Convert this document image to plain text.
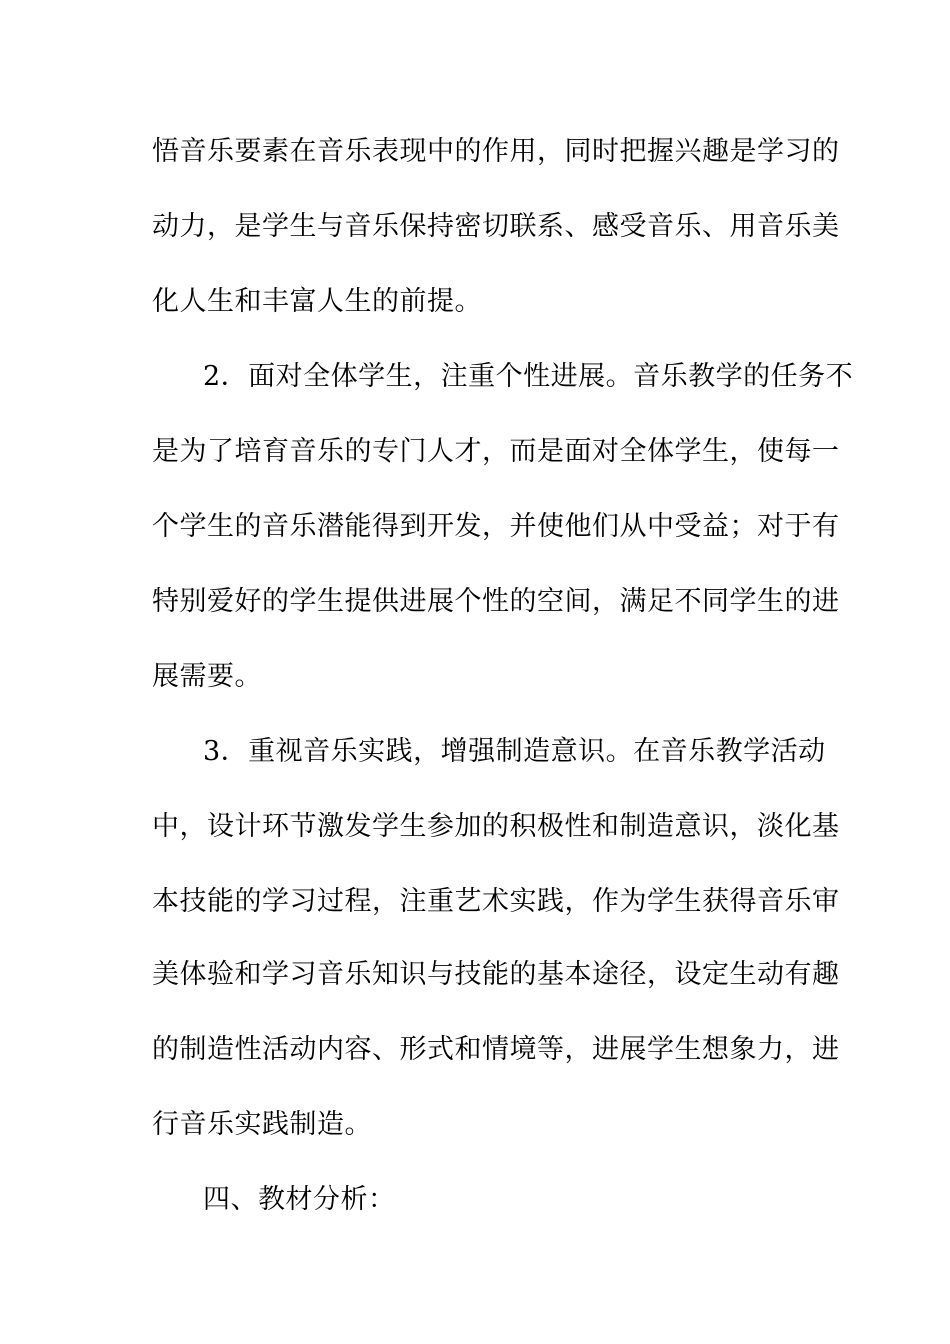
悟音乐要素在音乐表现中的作用，同时把握兴趣是学习的
动力，是学生与音乐保持密切联系、感受音乐、用音乐美
化人生和丰富人生的前提。
2．面对全体学生，注重个性进展。音乐教学的任务不
是为了培育音乐的专门人才，而是面对全体学生，使每一
个学生的音乐潜能得到开发，并使他们从中受益；对于有
特别爱好的学生提供进展个性的空间，满足不同学生的进
展需要。
3．重视音乐实践，增强制造意识。在音乐教学活动
中，设计环节激发学生参加的积极性和制造意识，淡化基
本技能的学习过程，注重艺术实践，作为学生获得音乐审
美体验和学习音乐知识与技能的基本途径，设定生动有趣
的制造性活动内容、形式和情境等，进展学生想象力，进
行音乐实践制造。
四、教材分析：
